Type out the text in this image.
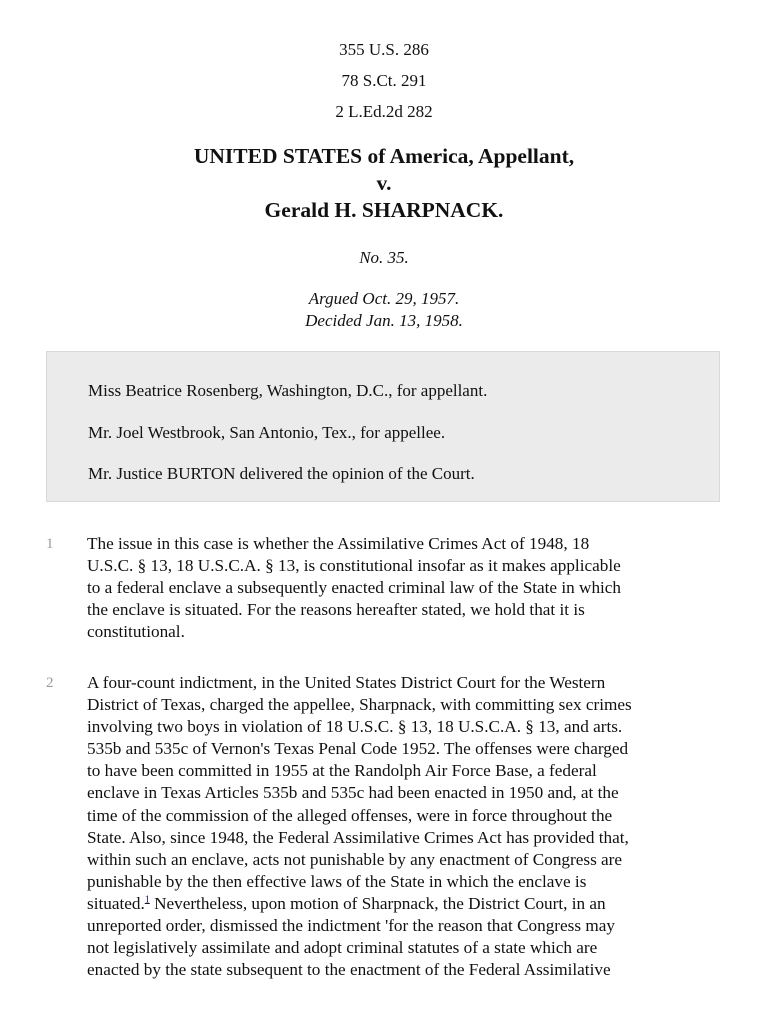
355 U.S. 286
78 S.Ct. 291
2 L.Ed.2d 282
UNITED STATES of America, Appellant,
v.
Gerald H. SHARPNACK.
No. 35.
Argued Oct. 29, 1957.
Decided Jan. 13, 1958.
Miss Beatrice Rosenberg, Washington, D.C., for appellant.
Mr. Joel Westbrook, San Antonio, Tex., for appellee.
Mr. Justice BURTON delivered the opinion of the Court.
1 The issue in this case is whether the Assimilative Crimes Act of 1948, 18
U.S.C. § 13, 18 U.S.C.A. § 13, is constitutional insofar as it makes applicable
to a federal enclave a subsequently enacted criminal law of the State in which
the enclave is situated. For the reasons hereafter stated, we hold that it is
constitutional.
2 A four-count indictment, in the United States District Court for the Western
District of Texas, charged the appellee, Sharpnack, with committing sex crimes
involving two boys in violation of 18 U.S.C. § 13, 18 U.S.C.A. § 13, and arts.
535b and 535c of Vernon's Texas Penal Code 1952. The offenses were charged
to have been committed in 1955 at the Randolph Air Force Base, a federal
enclave in Texas Articles 535b and 535c had been enacted in 1950 and, at the
time of the commission of the alleged offenses, were in force throughout the
State. Also, since 1948, the Federal Assimilative Crimes Act has provided that,
within such an enclave, acts not punishable by any enactment of Congress are
punishable by the then effective laws of the State in which the enclave is
situated.$^1$ Nevertheless, upon motion of Sharpnack, the District Court, in an
unreported order, dismissed the indictment 'for the reason that Congress may
not legislatively assimilate and adopt criminal statutes of a state which are
enacted by the state subsequent to the enactment of the Federal Assimilative
